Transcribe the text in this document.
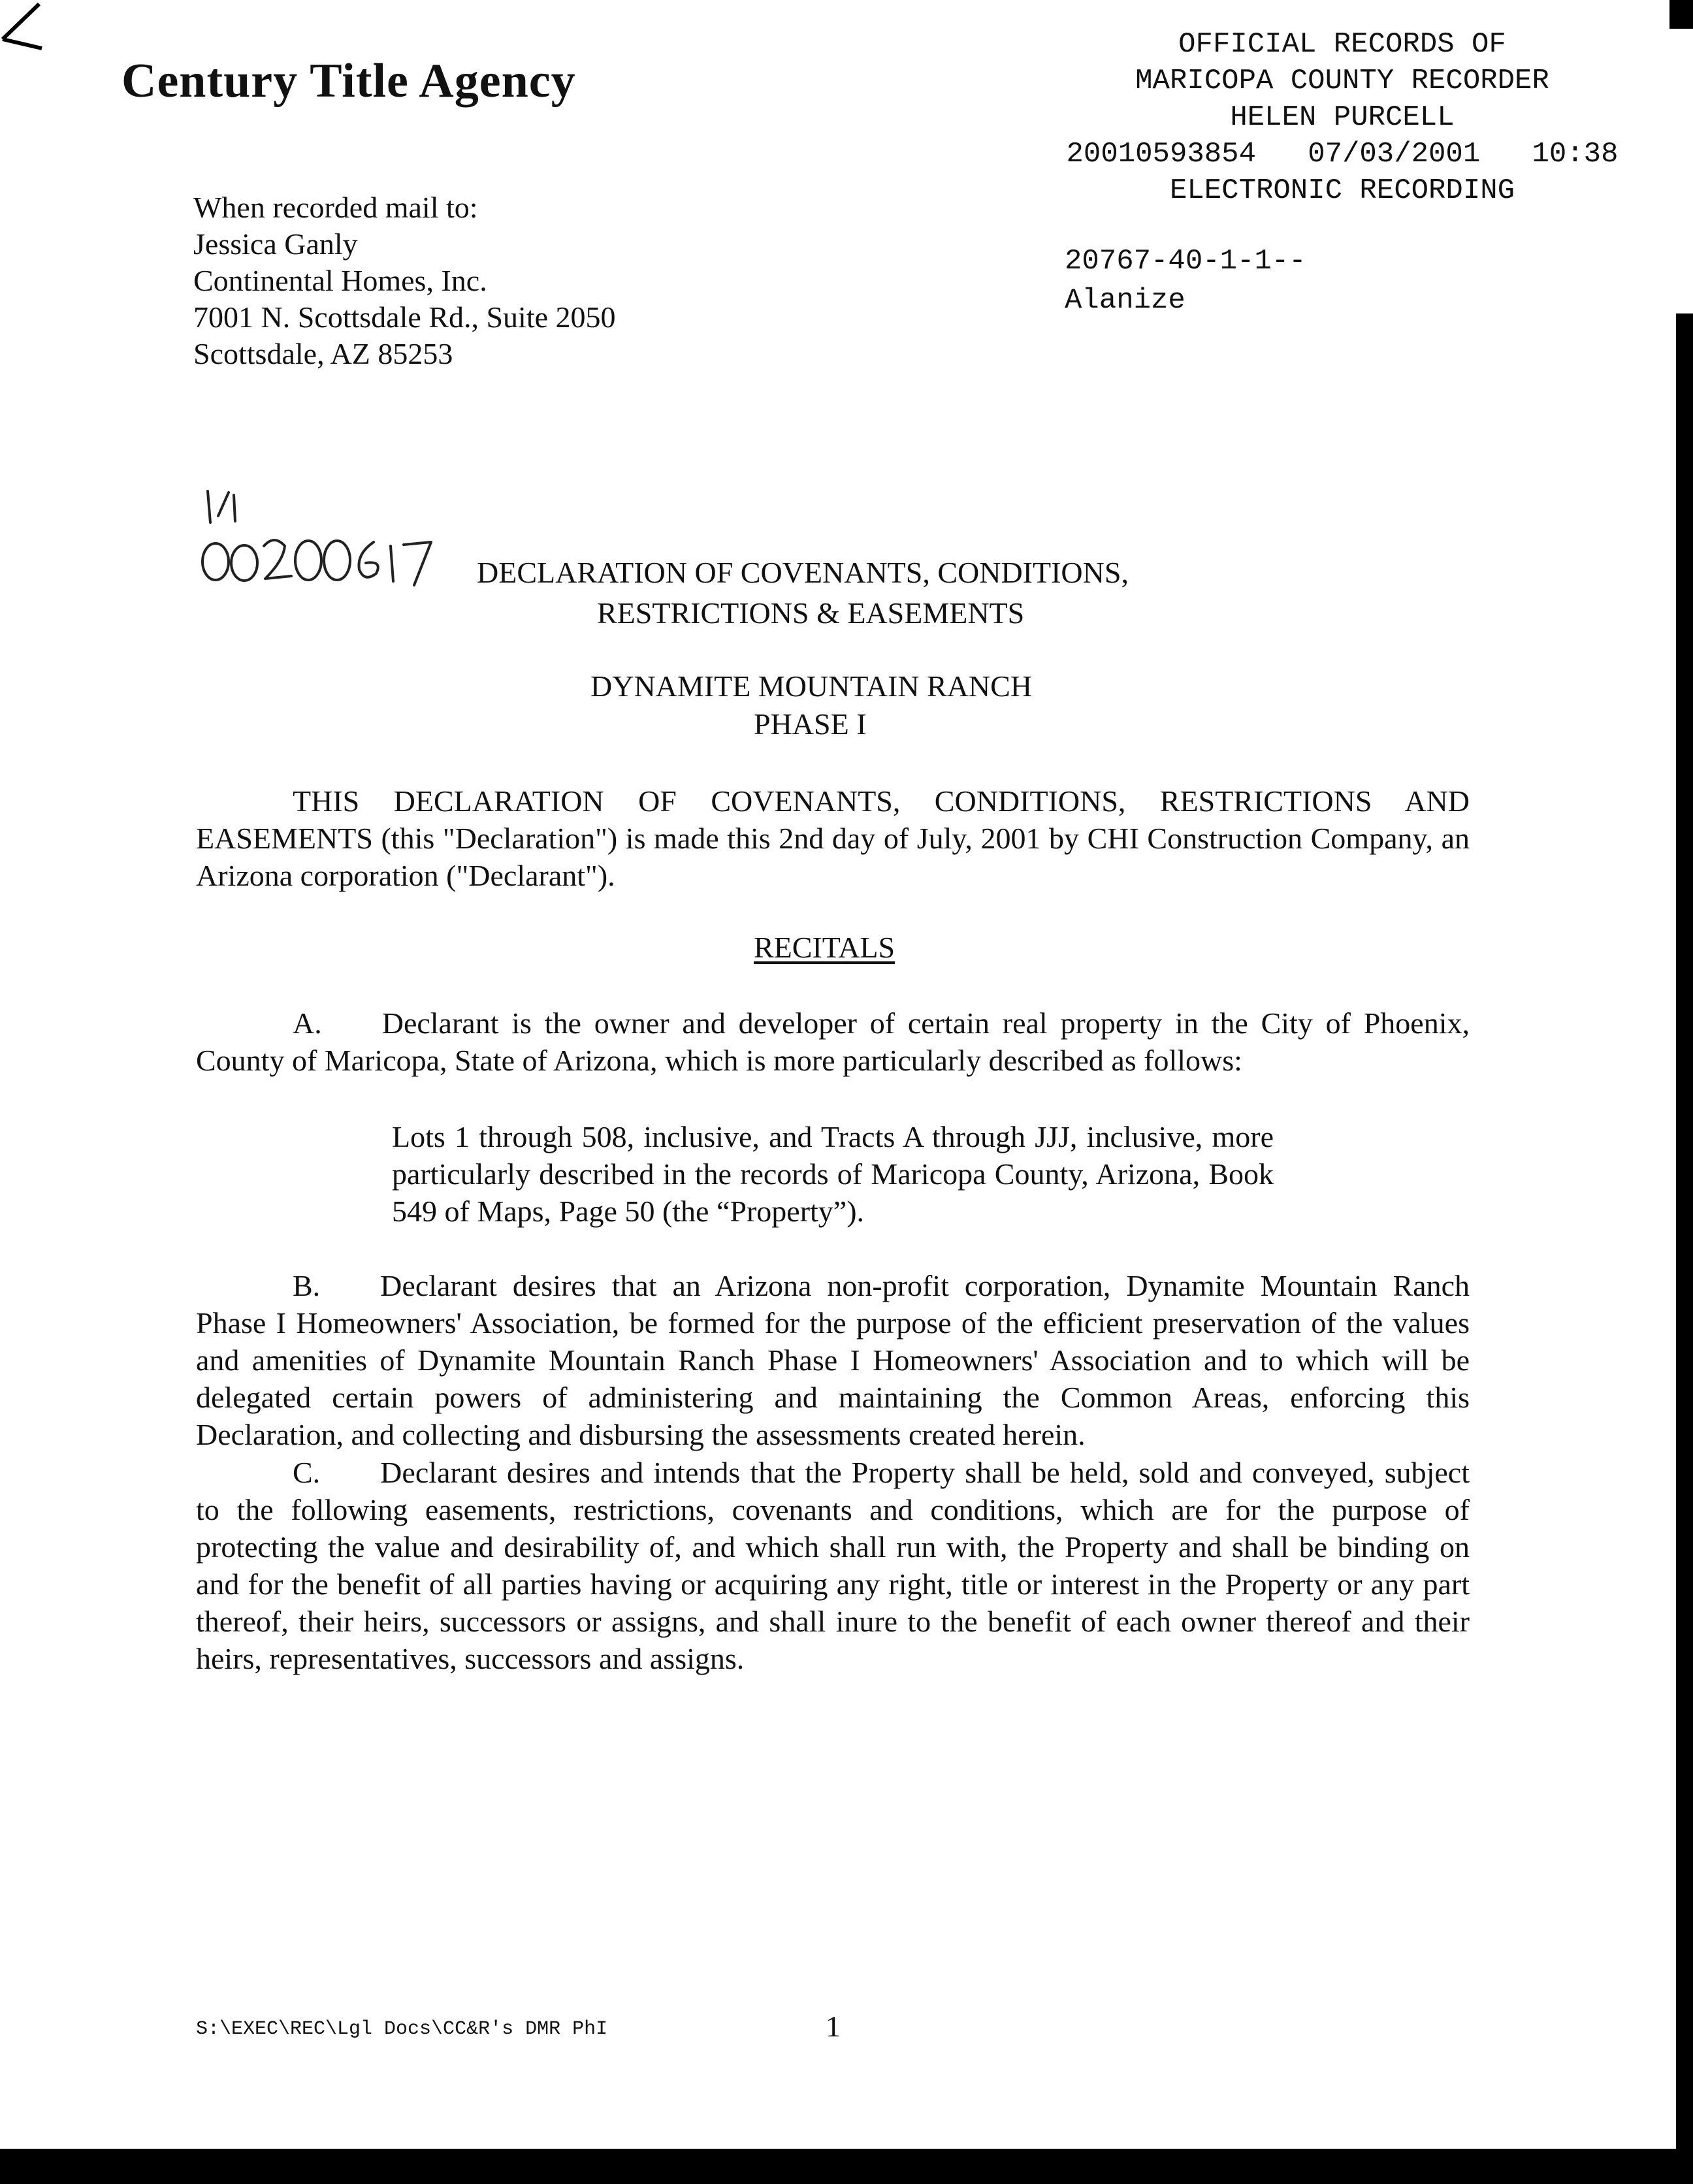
Century Title Agency
OFFICIAL RECORDS OF
MARICOPA COUNTY RECORDER
HELEN PURCELL
20010593854   07/03/2001   10:38
ELECTRONIC RECORDING
20767-40-1-1--
Alanize
When recorded mail to:
Jessica Ganly
Continental Homes, Inc.
7001 N. Scottsdale Rd., Suite 2050
Scottsdale, AZ 85253
DECLARATION OF COVENANTS, CONDITIONS,
RESTRICTIONS & EASEMENTS
DYNAMITE MOUNTAIN RANCH
PHASE I
THIS DECLARATION OF COVENANTS, CONDITIONS, RESTRICTIONS AND EASEMENTS (this "Declaration") is made this 2nd day of July, 2001 by CHI Construction Company, an Arizona corporation ("Declarant").
RECITALS
A.  Declarant is the owner and developer of certain real property in the City of Phoenix, County of Maricopa, State of Arizona, which is more particularly described as follows:
Lots 1 through 508, inclusive, and Tracts A through JJJ, inclusive, more particularly described in the records of Maricopa County, Arizona, Book 549 of Maps, Page 50 (the “Property”).
B.  Declarant desires that an Arizona non-profit corporation, Dynamite Mountain Ranch Phase I Homeowners' Association, be formed for the purpose of the efficient preservation of the values and amenities of Dynamite Mountain Ranch Phase I Homeowners' Association and to which will be delegated certain powers of administering and maintaining the Common Areas, enforcing this Declaration, and collecting and disbursing the assessments created herein.
C.  Declarant desires and intends that the Property shall be held, sold and conveyed, subject to the following easements, restrictions, covenants and conditions, which are for the purpose of protecting the value and desirability of, and which shall run with, the Property and shall be binding on and for the benefit of all parties having or acquiring any right, title or interest in the Property or any part thereof, their heirs, successors or assigns, and shall inure to the benefit of each owner thereof and their heirs, representatives, successors and assigns.
S:\EXEC\REC\Lgl Docs\CC&R's DMR PhI	1
